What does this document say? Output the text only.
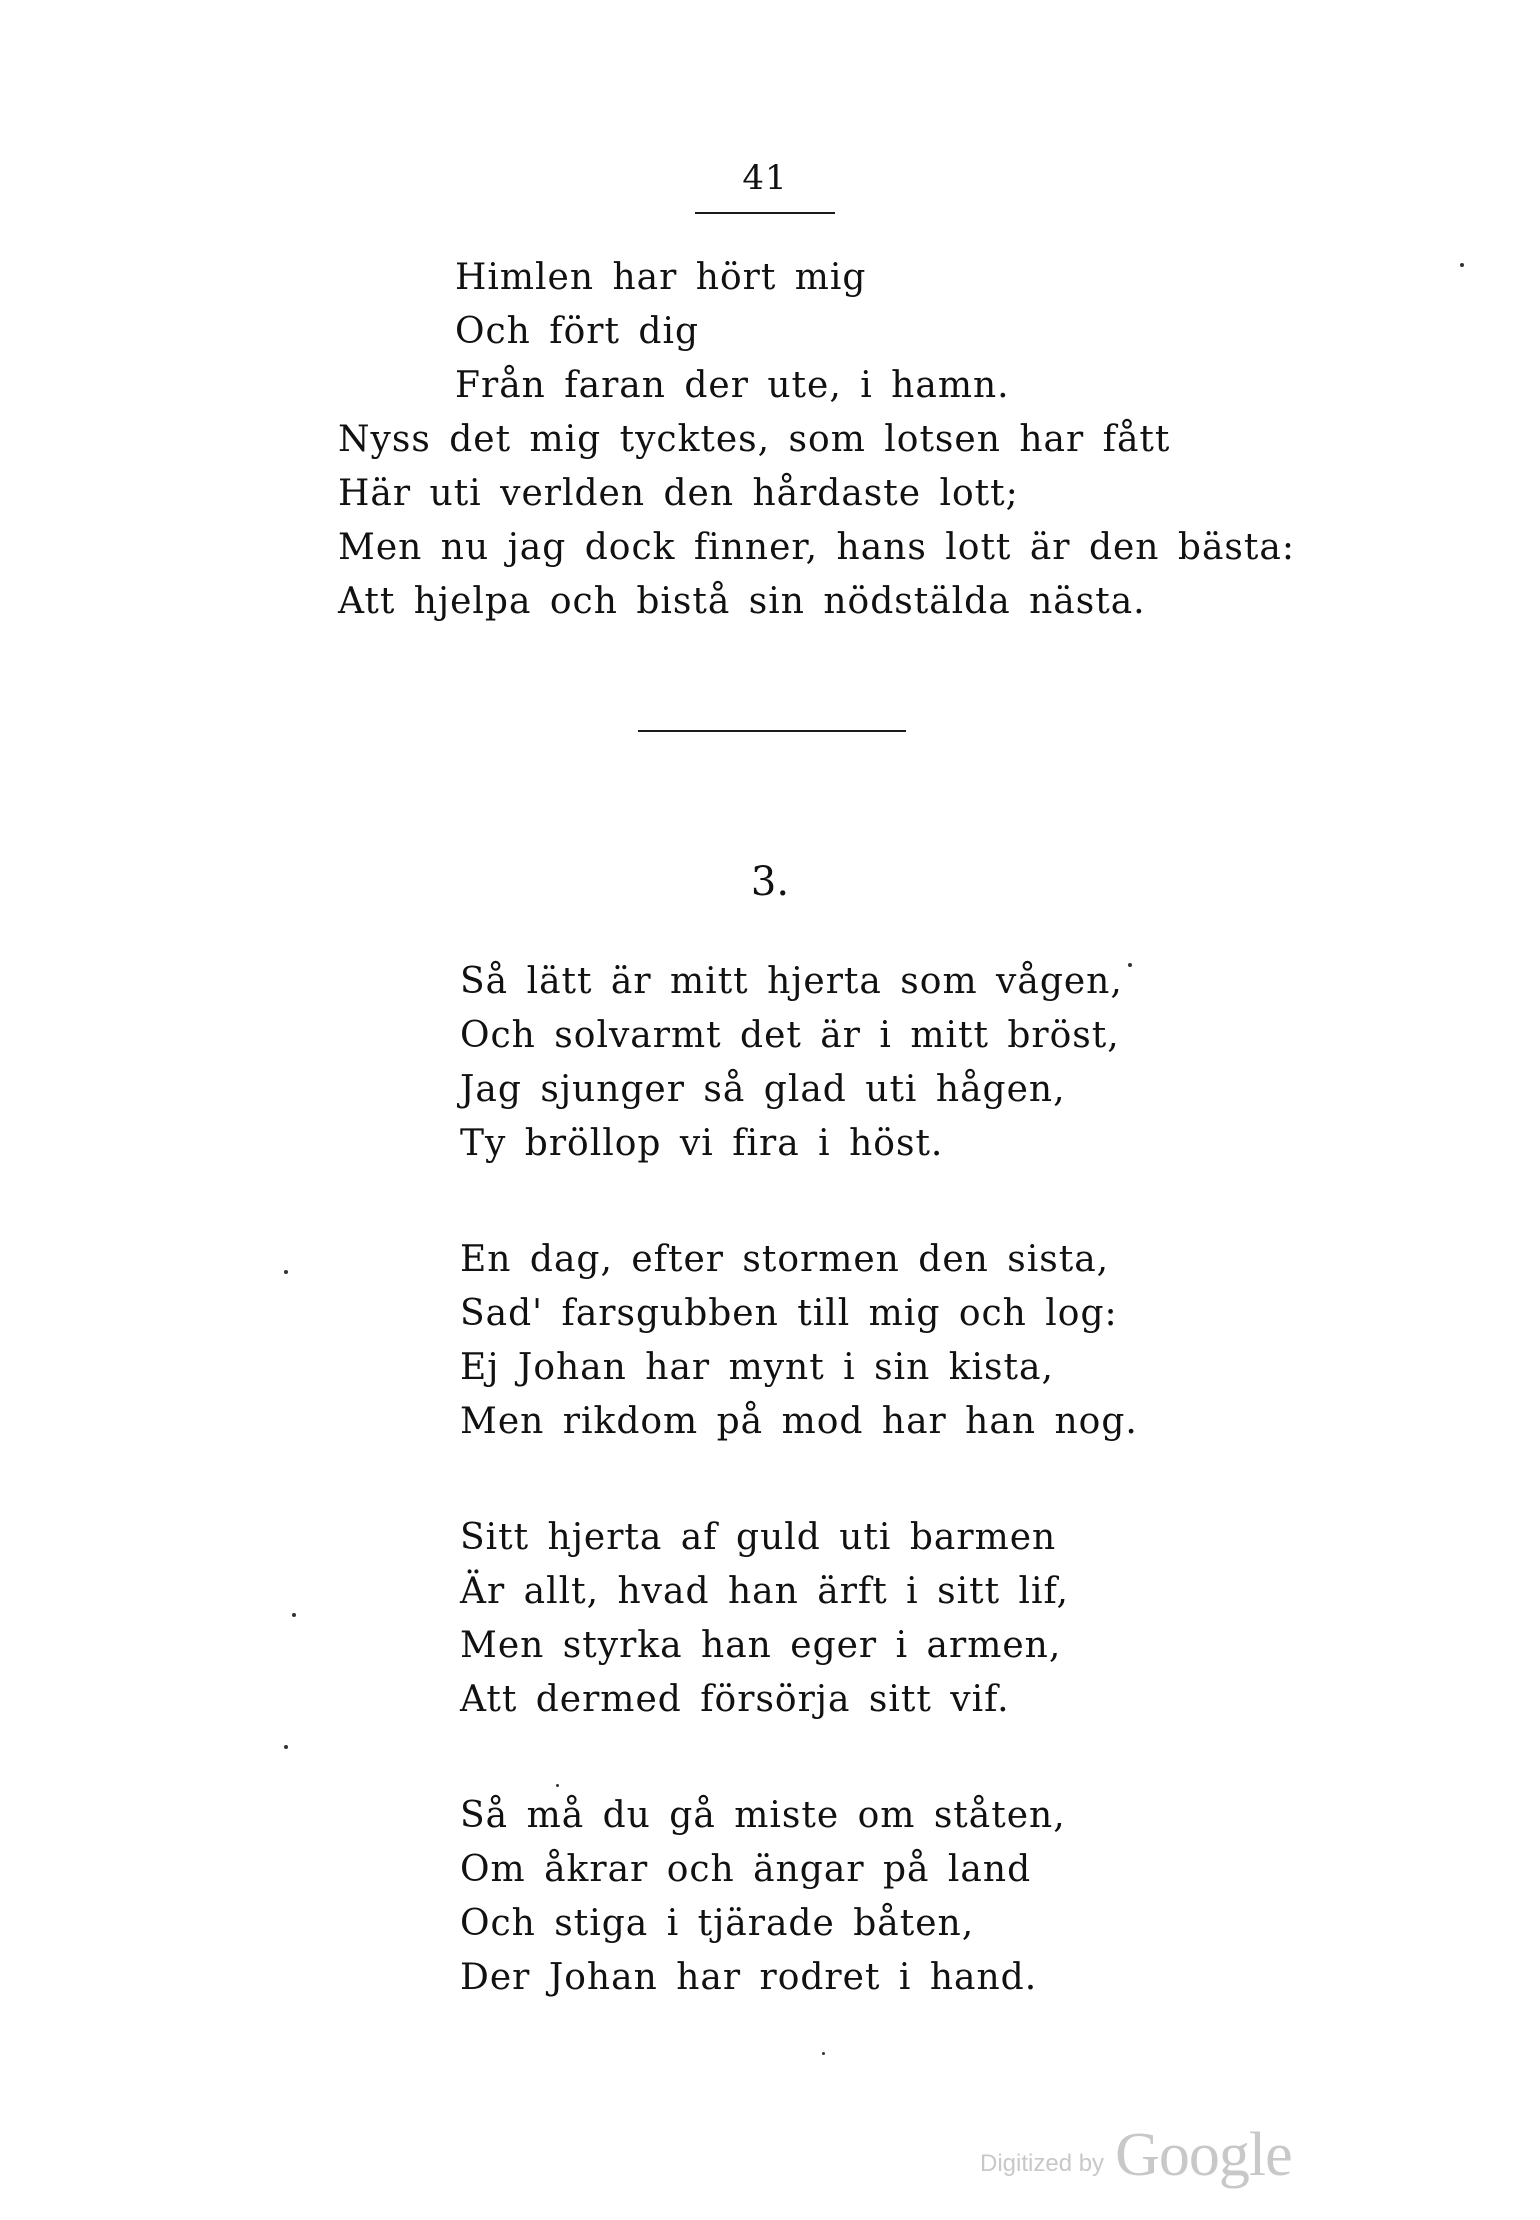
41
Himlen har hört mig
Och fört dig
Från faran der ute, i hamn.
Nyss det mig tycktes, som lotsen har fått
Här uti verlden den hårdaste lott;
Men nu jag dock finner, hans lott är den bästa:
Att hjelpa och bistå sin nödstälda nästa.
3.
Så lätt är mitt hjerta som vågen,
Och solvarmt det är i mitt bröst,
Jag sjunger så glad uti hågen,
Ty bröllop vi fira i höst.
En dag, efter stormen den sista,
Sad' farsgubben till mig och log:
Ej Johan har mynt i sin kista,
Men rikdom på mod har han nog.
Sitt hjerta af guld uti barmen
Är allt, hvad han ärft i sitt lif,
Men styrka han eger i armen,
Att dermed försörja sitt vif.
Så må du gå miste om ståten,
Om åkrar och ängar på land
Och stiga i tjärade båten,
Der Johan har rodret i hand.
Digitized by Google
